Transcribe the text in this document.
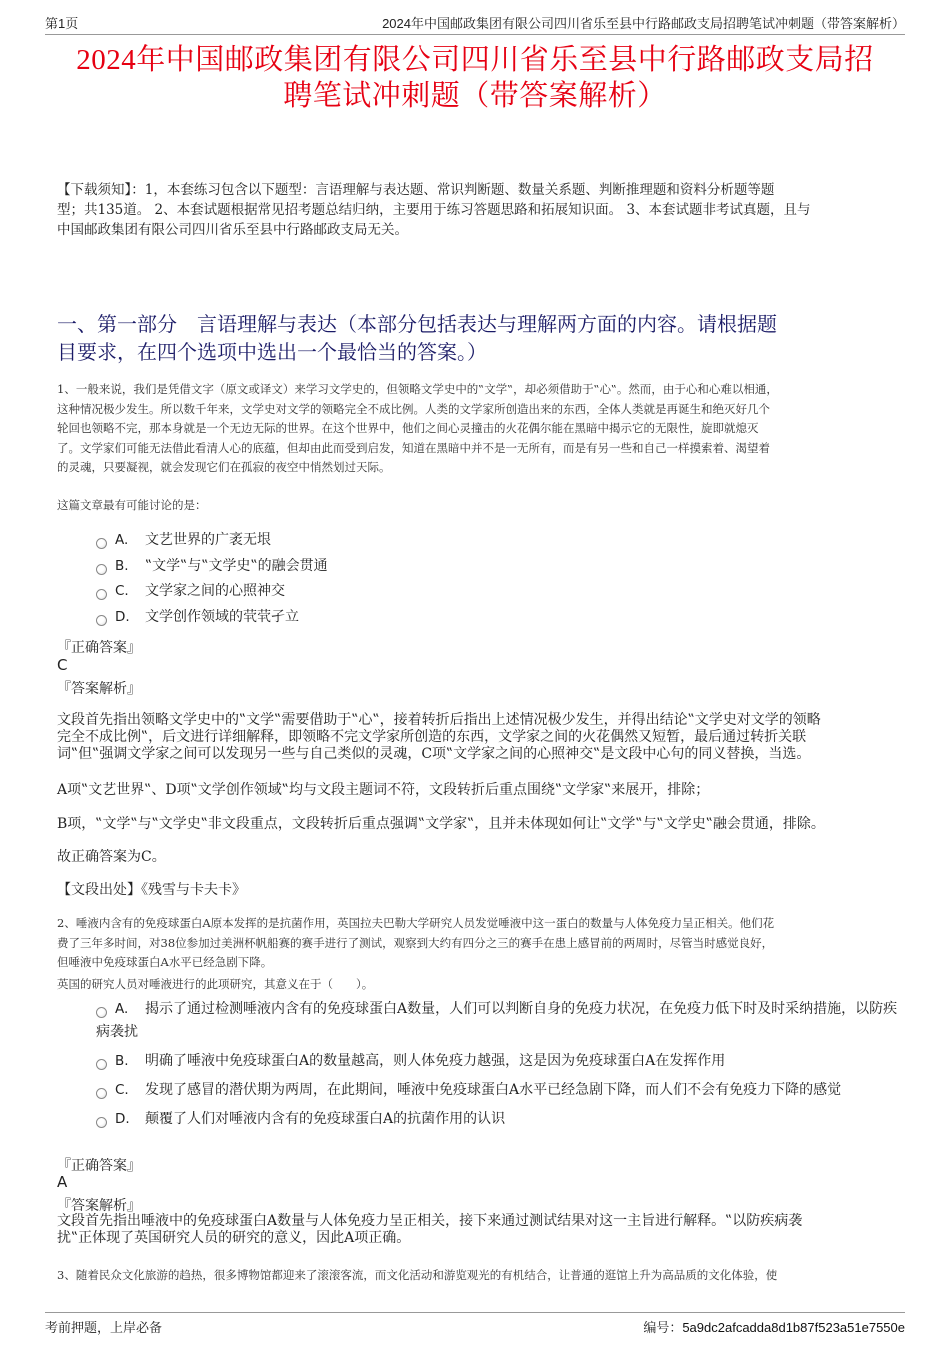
第1页	2024年中国邮政集团有限公司四川省乐至县中行路邮政支局招聘笔试冲刺题（带答案解析）
2024年中国邮政集团有限公司四川省乐至县中行路邮政支局招
聘笔试冲刺题（带答案解析）
【下载须知】：1，本套练习包含以下题型：言语理解与表达题、常识判断题、数量关系题、判断推理题和资料分析题等题
型；共135道。 2、本套试题根据常见招考题总结归纳，主要用于练习答题思路和拓展知识面。 3、本套试题非考试真题，且与
中国邮政集团有限公司四川省乐至县中行路邮政支局无关。
一、第一部分　言语理解与表达（本部分包括表达与理解两方面的内容。请根据题
目要求，在四个选项中选出一个最恰当的答案。）
1、一般来说，我们是凭借文字（原文或译文）来学习文学史的，但领略文学史中的‟文学‟，却必须借助于‟心‟。然而，由于心和心难以相通，
这种情况极少发生。所以数千年来，文学史对文学的领略完全不成比例。人类的文学家所创造出来的东西，全体人类就是再诞生和绝灭好几个
轮回也领略不完，那本身就是一个无边无际的世界。在这个世界中，他们之间心灵撞击的火花偶尔能在黑暗中揭示它的无限性，旋即就熄灭
了。文学家们可能无法借此看清人心的底蕴，但却由此而受到启发，知道在黑暗中并不是一无所有，而是有另一些和自己一样摸索着、渴望着
的灵魂，只要凝视，就会发现它们在孤寂的夜空中悄然划过天际。
这篇文章最有可能讨论的是：
A.	文艺世界的广袤无垠
B.	‟文学‟与‟文学史‟的融会贯通
C.	文学家之间的心照神交
D.	文学创作领域的茕茕孑立
『正确答案』
C
『答案解析』
文段首先指出领略文学史中的‟文学‟需要借助于‟心‟，接着转折后指出上述情况极少发生，并得出结论‟文学史对文学的领略
完全不成比例‟，后文进行详细解释，即领略不完文学家所创造的东西，文学家之间的火花偶然又短暂，最后通过转折关联
词‟但‟强调文学家之间可以发现另一些与自己类似的灵魂，C项‟文学家之间的心照神交‟是文段中心句的同义替换，当选。
A项‟文艺世界‟、D项‟文学创作领域‟均与文段主题词不符，文段转折后重点围绕‟文学家‟来展开，排除；
B项，‟文学‟与‟文学史‟非文段重点，文段转折后重点强调‟文学家‟，且并未体现如何让‟文学‟与‟文学史‟融会贯通，排除。
故正确答案为C。
【文段出处】《残雪与卡夫卡》
2、唾液内含有的免疫球蛋白A原本发挥的是抗菌作用，英国拉夫巴勒大学研究人员发觉唾液中这一蛋白的数量与人体免疫力呈正相关。他们花
费了三年多时间，对38位参加过美洲杯帆船赛的赛手进行了测试，观察到大约有四分之三的赛手在患上感冒前的两周时，尽管当时感觉良好，
但唾液中免疫球蛋白A水平已经急剧下降。
英国的研究人员对唾液进行的此项研究，其意义在于（　　）。
A. 揭示了通过检测唾液内含有的免疫球蛋白A数量，人们可以判断自身的免疫力状况，在免疫力低下时及时采纳措施，以防疾病袭扰
B. 明确了唾液中免疫球蛋白A的数量越高，则人体免疫力越强，这是因为免疫球蛋白A在发挥作用
C. 发现了感冒的潜伏期为两周，在此期间，唾液中免疫球蛋白A水平已经急剧下降，而人们不会有免疫力下降的感觉
D. 颠覆了人们对唾液内含有的免疫球蛋白A的抗菌作用的认识
『正确答案』
A
『答案解析』
文段首先指出唾液中的免疫球蛋白A数量与人体免疫力呈正相关，接下来通过测试结果对这一主旨进行解释。‟以防疾病袭
扰‟正体现了英国研究人员的研究的意义，因此A项正确。
3、随着民众文化旅游的趋热，很多博物馆都迎来了滚滚客流，而文化活动和游览观光的有机结合，让普通的逛馆上升为高品质的文化体验，使
考前押题，上岸必备	编号：5a9dc2afcadda8d1b87f523a51e7550e
